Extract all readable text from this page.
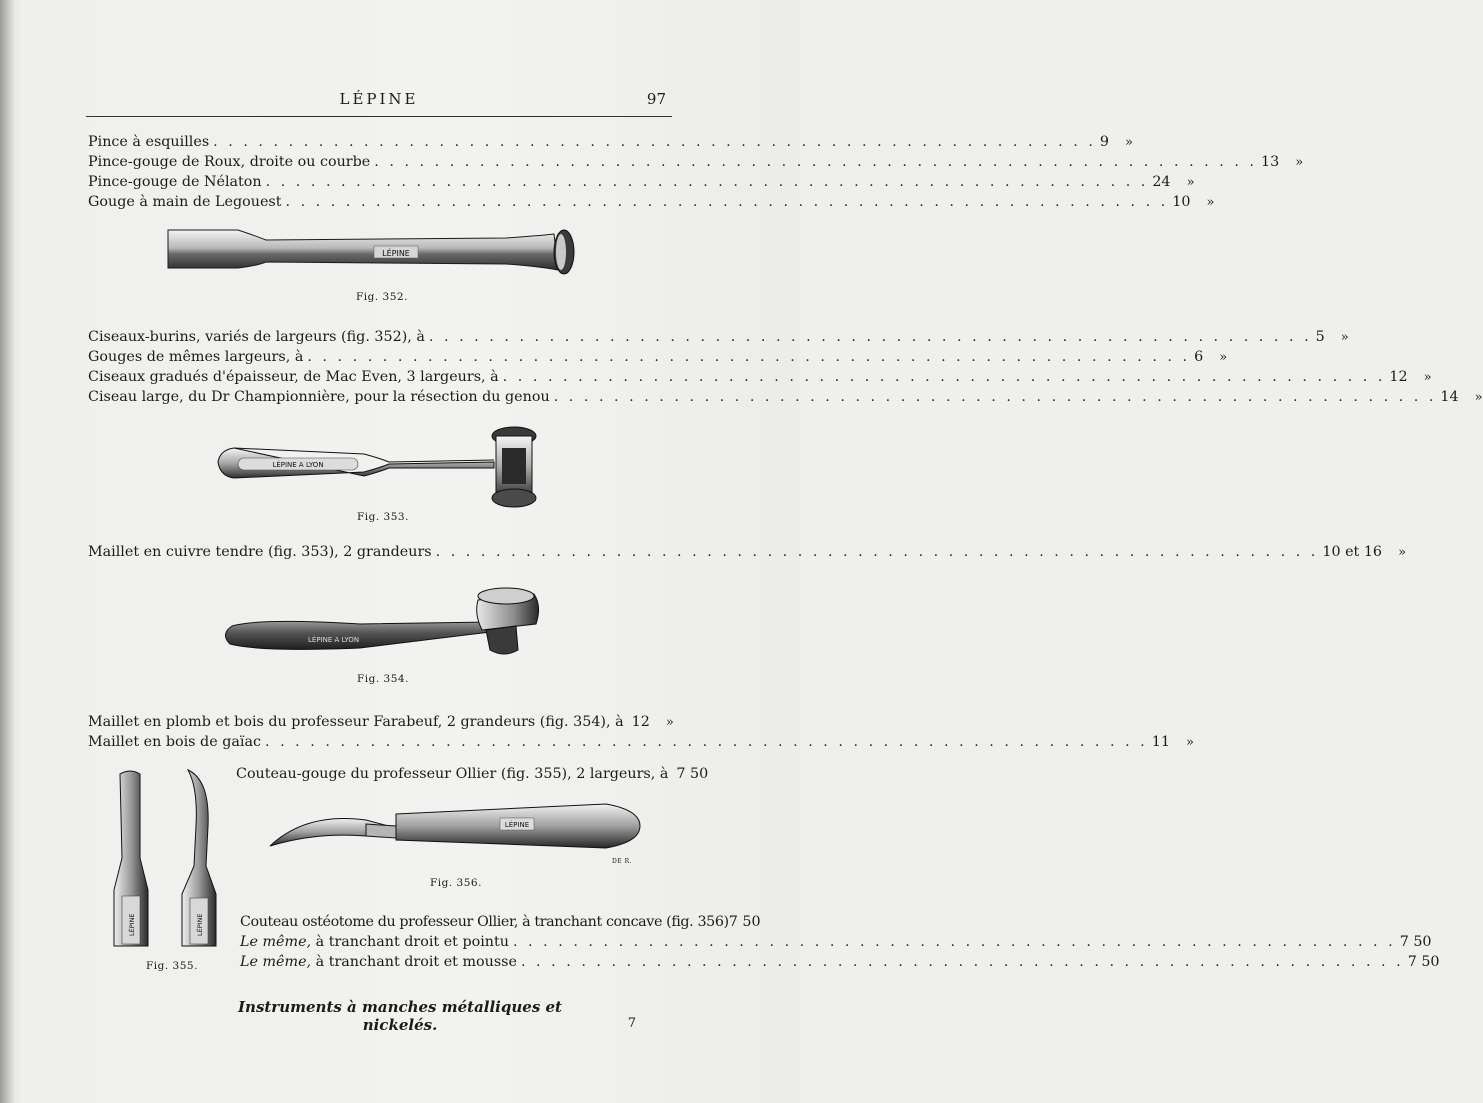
LÉPINE	97
Pince à esquilles . . . . . . . . . . . . . . . . . . . . . . . . . . . . . . . . . . . . . . . . . . . . . . . . . . . . . . . . . . . 9	»
Pince-gouge de Roux, droite ou courbe . . . . . . . . . . . . . . . . . . . . . . . . . . . . . . . . . . . . . . . . . . . . . . . . . . . . . . . . . . . 13	»
Pince-gouge de Nélaton . . . . . . . . . . . . . . . . . . . . . . . . . . . . . . . . . . . . . . . . . . . . . . . . . . . . . . . . . . . 24	»
Gouge à main de Legouest . . . . . . . . . . . . . . . . . . . . . . . . . . . . . . . . . . . . . . . . . . . . . . . . . . . . . . . . . . . 10	»
LÉPINE
Fig. 352.
Ciseaux-burins, variés de largeurs (fig. 352), à . . . . . . . . . . . . . . . . . . . . . . . . . . . . . . . . . . . . . . . . . . . . . . . . . . . . . . . . . . . 5	»
Gouges de mêmes largeurs, à . . . . . . . . . . . . . . . . . . . . . . . . . . . . . . . . . . . . . . . . . . . . . . . . . . . . . . . . . . . 6	»
Ciseaux gradués d'épaisseur, de Mac Even, 3 largeurs, à . . . . . . . . . . . . . . . . . . . . . . . . . . . . . . . . . . . . . . . . . . . . . . . . . . . . . . . . . . . 12	»
Ciseau large, du Dr Championnière, pour la résection du genou . . . . . . . . . . . . . . . . . . . . . . . . . . . . . . . . . . . . . . . . . . . . . . . . . . . . . . . . . . . 14	»
LÉPINE A LYON
Fig. 353.
Maillet en cuivre tendre (fig. 353), 2 grandeurs . . . . . . . . . . . . . . . . . . . . . . . . . . . . . . . . . . . . . . . . . . . . . . . . . . . . . . . . . . . 10 et 16	»
LÉPINE A LYON
Fig. 354.
Maillet en plomb et bois du professeur Farabeuf, 2 grandeurs (fig. 354), à 12	»
Maillet en bois de gaïac . . . . . . . . . . . . . . . . . . . . . . . . . . . . . . . . . . . . . . . . . . . . . . . . . . . . . . . . . . . 11	»
LÉPINE	LÉPINE
Fig. 355.
Couteau-gouge du professeur Ollier (fig. 355), 2 largeurs, à 7 50
LÉPINE
DE R.
Fig. 356.
Couteau ostéotome du professeur Ollier, à tranchant concave (fig. 356) 7 50
Le même, à tranchant droit et pointu . . . . . . . . . . . . . . . . . . . . . . . . . . . . . . . . . . . . . . . . . . . . . . . . . . . . . . . . . . . 7 50
Le même, à tranchant droit et mousse . . . . . . . . . . . . . . . . . . . . . . . . . . . . . . . . . . . . . . . . . . . . . . . . . . . . . . . . . . . 7 50
Instruments à manches métalliques et nickelés.	7
